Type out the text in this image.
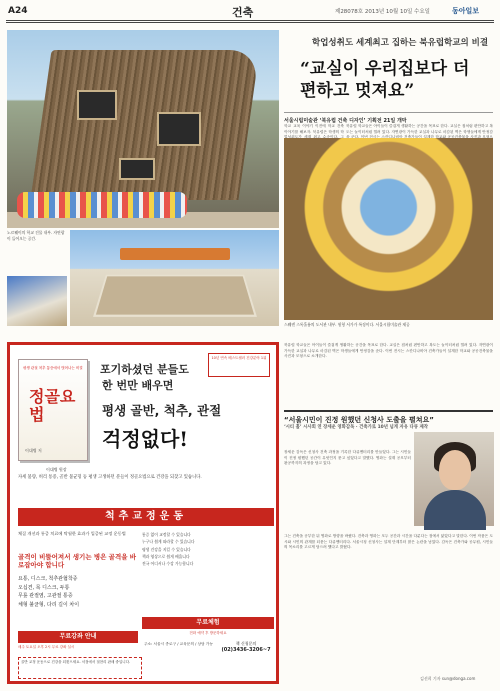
A24	건축	제28078호 2013년 10월 10일 수요일	동아일보
노르웨이의 학교 건물 내부. 자연광이 들어오는 공간.
학업성취도 세계최고 집하는 북유럽학교의 비결
“교실이 우리집보다 더 편하고 멋져요”
서울시립미술관 ‘북유럽 건축 디자인’ 기획전 21일 개막
학교 교육 이야기 이전에 학교 건축 이야기를 해보자. 북유럽은 학생의 학
북유럽 학교들은 아이들이 즐겁게 생활하는 공간을 목표로 한다. 교실은 집처럼 편안하고 복도는 놀이터처럼 열려 있다. 자연광이 가득한 교실과 나무로 마감된 벽은 학생들에게 안정감
스웨덴 스톡홀름의 도서관 내부. 원형 서가가 특징이다. 서울시립미술관 제공
북유럽 학교들은 아이들이 즐겁게 생활하는 공간을 목표로 한다. 교실은 집처럼 편안하고 복도는 놀이터처럼 열려 있다. 자연광이 가득한 교실과 나무로 마감된 벽은 학생들에게 안정감을 준다. 이번 전시는 스칸디나비아 건축가들이 설계한 학교와 공공건축물을 사진과 모형으로 소개한다.
“서울시민이 진정 원했던 신청사 도출을 펼쳐요”
‘시티 홀’ 시사회 연 장세운 영화감독 · 건축가로 10년 넘게 자유 다큐 제작
장세운 감독은 신청사 건축 과정을 기록한 다큐멘터리를 만들었다. 그는 시민들이 진정 원했던 공간이 무엇인지 묻고 싶었다고 말했다. 영화는 설계 공모부터 완공까지의 과정을 담고 있다.
그는 건축을 공부한 뒤 영화로 방향을 바꿨다. 건축과 영화는 모두 공간과 시간을 다룬다는 점에서 닮았다고 말한다. 이번 작품은 도시와 시민의 관계를 되묻는 다큐멘터리다. 서울시청 신청사는 설계 단계부터 많은 논란을 낳았다. 감독은 건축가와 공무원, 시민들의 목소리를 고르게 담으려 했다고 밝혔다.
김선희 기자 sun@donga.com
평생 관절 척추 통증에서 벗어나는 비결
정골요법
이대병 저
이대병 원장
10년 연속 베스트셀러 건강분야 1위
포기하셨던 분들도
한 번만 배우면
평생 골반, 척추, 관절
걱정없다!
자세 불량, 허리 통증, 골반 불균형 등 평생 고생하던 분들이 정골요법으로 건강을 되찾고 있습니다.
척추교정운동
체질 개선과 통증 치료에 탁월한 효과가 입증된 교정 운동법
골격이 비뚤어져서 생기는 병은 골격을 바로잡아야 합니다
요통, 디스크, 척추관협착증
오십견, 목 디스크, 두통
무릎 관절염, 고관절 통증
체형 불균형, 다리 길이 차이
통증 없이 교정할 수 있습니다
누구나 쉽게 따라할 수 있습니다
평생 건강을 지킬 수 있습니다
책과 영상으로 쉽게 배웁니다
전국 어디서나 수강 가능합니다
무료강좌 안내
매주 토요일 오후 2시 무료 강좌 실시
무료체험
전화 예약 후 방문하세요
골반 교정 운동으로 건강을 되찾으세요. 서점에서 절찬리 판매 중입니다.
주소: 서울시 종로구 / 교육문의 / 상담 가능	책 신청문의
(02)3436-3206~7
